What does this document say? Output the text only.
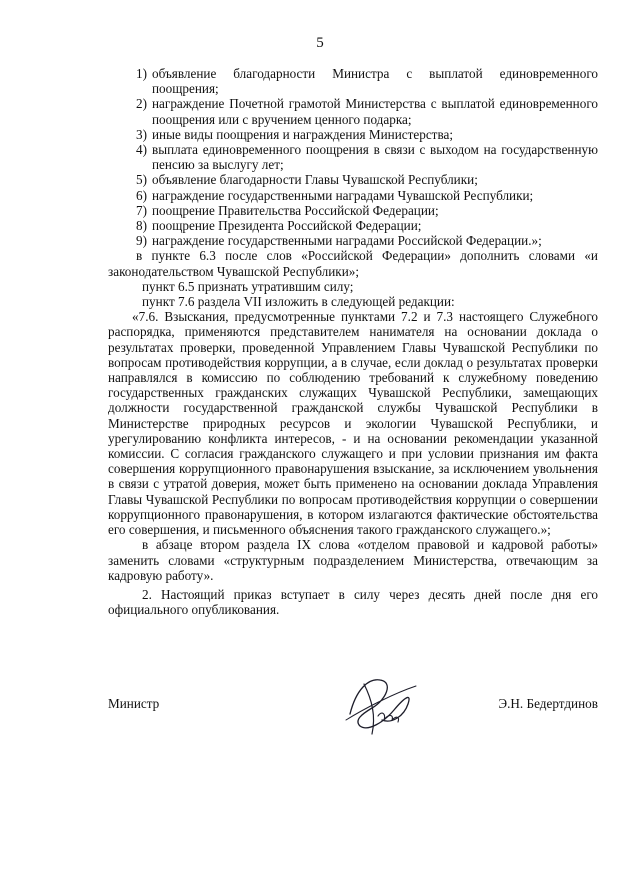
5
1) объявление благодарности Министра с выплатой единовременного поощрения;
2) награждение Почетной грамотой Министерства с выплатой единовременного поощрения или с вручением ценного подарка;
3) иные виды поощрения и награждения Министерства;
4) выплата единовременного поощрения в связи с выходом на государственную пенсию за выслугу лет;
5) объявление благодарности Главы Чувашской Республики;
6) награждение государственными наградами Чувашской Республики;
7) поощрение Правительства Российской Федерации;
8) поощрение Президента Российской Федерации;
9) награждение государственными наградами Российской Федерации.»;

в пункте 6.3 после слов «Российской Федерации» дополнить словами «и законодательством Чувашской Республики»;

пункт 6.5 признать утратившим силу;

пункт 7.6 раздела VII изложить в следующей редакции:

«7.6. Взыскания, предусмотренные пунктами 7.2 и 7.3 настоящего Служебного распорядка, применяются представителем нанимателя на основании доклада о результатах проверки, проведенной Управлением Главы Чувашской Республики по вопросам противодействия коррупции, а в случае, если доклад о результатах проверки направлялся в комиссию по соблюдению требований к служебному поведению государственных гражданских служащих Чувашской Республики, замещающих должности государственной гражданской службы Чувашской Республики в Министерстве природных ресурсов и экологии Чувашской Республики, и урегулированию конфликта интересов, - и на основании рекомендации указанной комиссии. С согласия гражданского служащего и при условии признания им факта совершения коррупционного правонарушения взыскание, за исключением увольнения в связи с утратой доверия, может быть применено на основании доклада Управления Главы Чувашской Республики по вопросам противодействия коррупции о совершении коррупционного правонарушения, в котором излагаются фактические обстоятельства его совершения, и письменного объяснения такого гражданского служащего.»;

в абзаце втором раздела IX слова «отделом правовой и кадровой работы» заменить словами «структурным подразделением Министерства, отвечающим за кадровую работу».

2. Настоящий приказ вступает в силу через десять дней после дня его официального опубликования.

Министр	Э.Н. Бедертдинов
